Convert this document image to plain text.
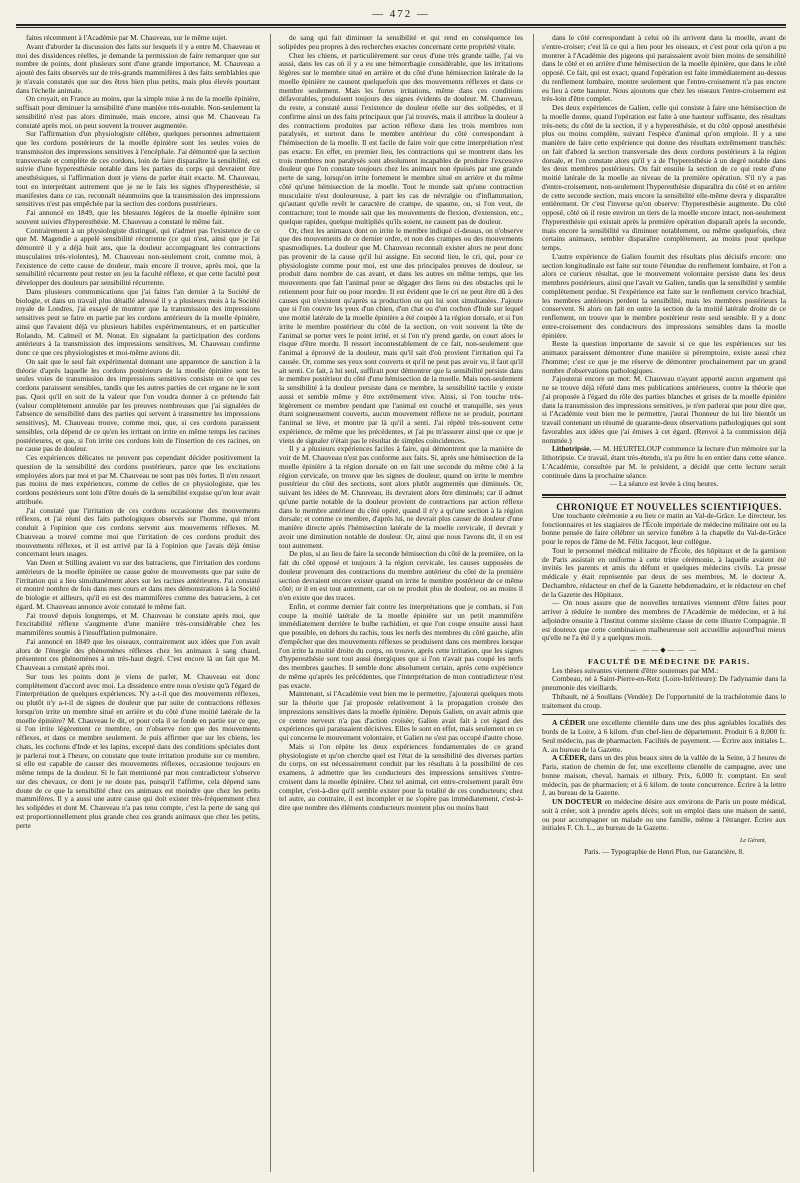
— 472 —

faites récemment à l'Académie par M. Chauveau, sur le même sujet.

Avant d'aborder la discussion des faits sur lesquels il y a entre M. Chauveau et moi des dissidences réelles, je demande la permission de faire remarquer que sur nombre de points, dont plusieurs sont d'une grande importance, M. Chauveau a ajouté des faits observés sur de très-grands mammifères à des faits semblables que je n'avais constatés que sur des êtres bien plus petits, mais plus élevés pourtant dans l'échelle animale.

On croyait, en France au moins, que la simple mise à nu de la moelle épinière, suffisait pour diminuer la sensibilité d'une manière très-notable. Non-seulement la sensibilité n'est pas alors diminuée, mais encore, ainsi que M. Chauveau l'a constaté après moi, on peut souvent la trouver augmentée.

Sur l'affirmation d'un physiologiste célèbre, quelques personnes admettaient que les cordons postérieurs de la moelle épinière sont les seules voies de transmission des impressions sensitives à l'encéphale. J'ai démontré que la section transversale et complète de ces cordons, loin de faire disparaître la sensibilité, est suivie d'une hyperesthésie notable dans les parties du corps qui devraient être anesthésiques, si l'affirmation dont je viens de parler était exacte. M. Chauveau, tout en interprétant autrement que je ne le fais les signes d'hyperesthésie, si manifestes dans ce cas, reconnaît néanmoins que la transmission des impressions sensitives n'est pas empêchée par la section des cordons postérieurs.

J'ai annoncé en 1849, que les blessures légères de la moelle épinière sont souvent suivies d'hyperesthésie. M. Chauveau a constaté le même fait.

Contrairement à un physiologiste distingué, qui n'admet pas l'existence de ce que M. Magendie a appelé sensibilité récurrente (ce qui n'est, ainsi que je l'ai démontré il y a déjà huit ans, que la douleur accompagnant les contractions musculaires très-violentes), M. Chauveau non-seulement croit, comme moi, à l'existence de cette cause de douleur, mais encore il trouve, après moi, que la sensibilité récurrente peut rester en jeu la faculté réflexe, et que cette faculté peut développer des douleurs par sensibilité récurrente.

Dans plusieurs communications que j'ai faites l'an dernier à la Société de biologie, et dans un travail plus détaillé adressé il y a plusieurs mois à la Société royale de Londres, j'ai essayé de montrer que la transmission des impressions sensitives peut se faire en partie par les cordons antérieurs de la moelle épinière, ainsi que l'avaient déjà vu plusieurs habiles expérimentateurs, et en particulier Rolando, M. Calmeil et M. Nonat. En signalant la participation des cordons antérieurs à la transmission des impressions sensitives, M. Chauveau confirme donc ce que ces physiologistes et moi-même avions dit.

On sait que le seul fait expérimental donnant une apparence de sanction à la théorie d'après laquelle les cordons postérieurs de la moelle épinière sont les seules voies de transmission des impressions sensitives consiste en ce que ces cordons paraissent sensibles, tandis que les autres parties de cet organe ne le sont pas. Quoi qu'il en soit de la valeur que l'on voudra donner à ce prétendu fait (valeur complètement annulée par les preuves nombreuses que j'ai signalées de l'absence de sensibilité dans des parties qui servent à transmettre les impressions sensitives), M. Chauveau trouve, comme moi, que, si ces cordons paraissent sensibles, cela dépend de ce qu'en les irritant on irrite en même temps les racines postérieures, et que, si l'on irrite ces cordons loin de l'insertion de ces racines, on ne cause pas de douleur.

Ces expériences délicates ne peuvent pas cependant décider positivement la question de la sensibilité des cordons postérieurs, parce que les excitations employées alors par moi et par M. Chauveau ne sont pas très fortes. Il n'en ressort pas moins de mes expériences, comme de celles de ce physiologiste, que les cordons postérieurs sont loin d'être doués de la sensibilité exquise qu'on leur avait attribuée.

J'ai constaté que l'irritation de ces cordons occasionne des mouvements réflexes, et j'ai réuni des faits pathologiques observés sur l'homme, qui m'ont conduit à l'opinion que ces cordons servent aux mouvements réflexes. M. Chauveau a trouvé comme moi que l'irritation de ces cordons produit des mouvements réflexes, et il est arrivé par là à l'opinion que j'avais déjà émise concernant leurs usages.

Van Deen et Stilling avaient vu sur des batraciens, que l'irritation des cordons antérieurs de la moelle épinière ne cause guère de mouvements que par suite de l'irritation qui a lieu simultanément alors sur les racines antérieures. J'ai constaté et montré nombre de fois dans mes cours et dans mes démonstrations à la Société de biologie et ailleurs, qu'il en est des mammifères comme des batraciens, à cet égard. M. Chauveau annonce avoir constaté le même fait.

J'ai trouvé depuis longtemps, et M. Chauveau le constate après moi, que l'excitabilité réflexe s'augmente d'une manière très-considérable chez les mammifères soumis à l'insufflation pulmonaire.

J'ai annoncé en 1849 que les oiseaux, contrairement aux idées que l'on avait alors de l'énergie des phénomènes réflexes chez les animaux à sang chaud, présentent ces phénomènes à un très-haut degré. C'est encore là un fait que M. Chauveau a constaté après moi.

Sur tous les points dont je viens de parler, M. Chauveau est donc complètement d'accord avec moi. La dissidence entre nous n'existe qu'à l'égard de l'interprétation de quelques expériences. N'y a-t-il que des mouvements réflexes, ou plutôt n'y a-t-il de signes de douleur que par suite de contractions réflexes lorsqu'on irrite un membre situé en arrière et du côté d'une moitié latérale de la moelle épinière? M. Chauveau le dit, et pour cela il se fonde en partie sur ce que, si l'on irrite légèrement ce membre, on n'observe rien que des mouvements réflexes, et dans ce membre seulement. Je puis affirmer que sur les chiens, les chats, les cochons d'Inde et les lapins, excepté dans des conditions spéciales dont je parlerai tout à l'heure, on constate que toute irritation produite sur ce membre, si elle est capable de causer des mouvements réflexes, occasionne toujours en même temps de la douleur. Si le fait mentionné par mon contradicteur s'observe sur des chevaux, ce dont je ne doute pas, puisqu'il l'affirme, cela dépend sans doute de ce que la sensibilité chez ces animaux est moindre que chez les petits mammifères. Il y a aussi une autre cause qui doit exister très-fréquemment chez les solipèdes et dont M. Chauveau n'a pas tenu compte, c'est la perte de sang qui est proportionnellement plus grande chez ces grands animaux que chez les petits, perte

de sang qui fait diminuer la sensibilité et qui rend en conséquence les solipèdes peu propres à des recherches exactes concernant cette propriété vitale.

Chez les chiens, et particulièrement sur ceux d'une très grande taille, j'ai vu aussi, dans les cas où il y a eu une hémorrhagie considérable, que les irritations légères sur le membre situé en arrière et du côté d'une hémisection latérale de la moelle épinière ne causent quelquefois que des mouvements réflexes et dans ce membre seulement. Mais les fortes irritations, même dans ces conditions défavorables, produisent toujours des signes évidents de douleur. M. Chauveau, du reste, a constaté aussi l'existence de douleur réelle sur des solipèdes, et il confirme ainsi un des faits principaux que j'ai trouvés, mais il attribue la douleur à des contractions produites par action réflexe dans les trois membres non paralysés, et surtout dans le membre antérieur du côté correspondant à l'hémisection de la moelle. Il est facile de faire voir que cette interprétation n'est pas exacte. En effet, en premier lieu, les contractions qui se montrent dans les trois membres non paralysés sont absolument incapables de produire l'excessive douleur que l'on constate toujours chez les animaux non épuisés par une grande perte de sang, lorsqu'on irrite fortement le membre situé en arrière et du même côté qu'une hémisection de la moelle. Tout le monde sait qu'une contraction musculaire n'est douloureuse, à part les cas de névralgie ou d'inflammation, qu'autant qu'elle revêt le caractère de crampe, de spasme, ou, si l'on veut, de contracture; tout le monde sait que les mouvements de flexion, d'extension, etc., quelque rapides, quelque multipliés qu'ils soient, ne causent pas de douleur.

Or, chez les animaux dont on irrite le membre indiqué ci-dessus, on n'observe que des mouvements de ce dernier ordre, et non des crampes ou des mouvements spasmodiques. La douleur que M. Chauveau reconnaît exister alors ne peut donc pas provenir de la cause qu'il lui assigne. En second lieu, le cri, qui, pour ce physiologiste comme pour moi, est une des principales preuves de douleur, se produit dans nombre de cas avant, et dans les autres en même temps, que les mouvements que fait l'animal pour se dégager des liens ou des obstacles qui le retiennent pour fuir ou pour mordre. Il est évident que le cri ne peut être dû à des causes qui n'existent qu'après sa production ou qui lui sont simultanées. J'ajoute que si l'on couvre les yeux d'un chien, d'un chat ou d'un cochon d'Inde sur lequel une moitié latérale de la moelle épinière a été coupée à la région dorsale, et si l'on irrite le membre postérieur du côté de la section, on voit souvent la tête de l'animal se porter vers le point irrité, et si l'on n'y prend garde, on court alors le risque d'être mordu. Il ressort incontestablement de ce fait, non-seulement que l'animal a éprouvé de la douleur, mais qu'il sait d'où provient l'irritation qui l'a causée. Or, comme ses yeux sont couverts et qu'il ne peut pas avoir vu, il faut qu'il ait senti. Ce fait, à lui seul, suffirait pour démontrer que la sensibilité persiste dans le membre postérieur du côté d'une hémisection de la moelle. Mais non-seulement la sensibilité à la douleur persiste dans ce membre, la sensibilité tactile y existe aussi et semble même y être extrêmement vive. Ainsi, si l'on touche très-légèrement ce membre pendant que l'animal est couché et tranquille, ses yeux étant soigneusement couverts, aucun mouvement réflexe ne se produit, pourtant l'animal se lève, et montre par là qu'il a senti. J'ai répété très-souvent cette expérience, de même que les précédentes, et j'ai pu m'assurer ainsi que ce que je viens de signaler n'était pas le résultat de simples coïncidences.

Il y a plusieurs expériences faciles à faire, qui démontrent que la manière de voir de M. Chauveau n'est pas conforme aux faits. Si, après une hémisection de la moelle épinière à la région dorsale on en fait une seconde du même côté à la région cervicale, on trouve que les signes de douleur, quand on irrite le membre postérieur du côté des sections, sont alors plutôt augmentés que diminués. Or, suivant les idées de M. Chauveau, ils devraient alors être diminués; car il admet qu'une partie notable de la douleur provient de contractions par action réflexe dans le membre antérieur du côté opéré, quand il n'y a qu'une section à la région dorsale; et comme ce membre, d'après lui, ne devrait plus causer de douleur d'une manière directe après l'hémisection latérale de la moelle cervicale, il devrait y avoir une diminution notable de douleur. Or, ainsi que nous l'avons dit, il en est tout autrement.

De plus, si au lieu de faire la seconde hémisection du côté de la première, on la fait du côté opposé et toujours à la région cervicale, les causes supposées de douleur provenant des contractions du membre antérieur du côté de la première section devraient encore exister quand on irrite le membre postérieur de ce même côté; or il en est tout autrement, car on ne produit plus de douleur, ou au moins il n'en existe que des traces.

Enfin, et comme dernier fait contre les interprétations que je combats, si l'on coupe la moitié latérale de la moelle épinière sur un petit mammifère immédiatement derrière le bulbe rachidien, et que l'on coupe ensuite aussi haut que possible, en dehors du rachis, tous les nerfs des membres du côté gauche, afin d'empêcher que des mouvements réflexes se produisent dans ces membres lorsque l'on irrite la moitié droite du corps, on trouve, après cette irritation, que les signes d'hyperesthésie sont tout aussi énergiques que si l'on n'avait pas coupé les nerfs des membres gauches. Il semble donc absolument certain, après cette expérience de même qu'après les précédentes, que l'interprétation de mon contradicteur n'est pas exacte.

Maintenant, si l'Académie veut bien me le permettre, j'ajouterai quelques mots sur la théorie que j'ai proposée relativement à la propagation croisée des impressions sensitives dans la moelle épinière. Depuis Galien, on avait admis que ce centre nerveux n'a pas d'action croisée; Galien avait fait à cet égard des expériences qui paraissaient décisives. Elles le sont en effet, mais seulement en ce qui concerne le mouvement volontaire, et Galien ne s'est pas occupé d'autre chose.

Mais si l'on répète les deux expériences fondamentales de ce grand physiologiste et qu'on cherche quel est l'état de la sensibilité des diverses parties du corps, on est nécessairement conduit par les résultats à la possibilité de ces examens, à admettre que les conducteurs des impressions sensitives s'entre-croisent dans la moelle épinière. Chez tel animal, cet entre-croisement paraît être complet, c'est-à-dire qu'il semble exister pour la totalité de ces conducteurs; chez tel autre, au contraire, il est incomplet et ne s'opère pas immédiatement, c'est-à-dire que nombre des éléments conducteurs montent plus ou moins haut

dans le côté correspondant à celui où ils arrivent dans la moelle, avant de s'entre-croiser; c'est là ce qui a lieu pour les oiseaux, et c'est pour cela qu'on a pu montrer à l'Académie des pigeons qui paraissaient avoir bien moins de sensibilité dans le côté et en arrière d'une hémisection de la moelle épinière, que dans le côté opposé. Ce fait, qui est exact, quand l'opération est faite immédiatement au-dessus du renflement lombaire, montre seulement que l'entre-croisement n'a pas encore eu lieu à cette hauteur. Nous ajoutons que chez les oiseaux l'entre-croisement est très-loin d'être complet.

Des deux expériences de Galien, celle qui consiste à faire une hémisection de la moelle donne, quand l'opération est faite à une hauteur suffisante, des résultats très-nets; du côté de la section, il y a hyperesthésie, et du côté opposé anesthésie plus ou moins complète, suivant l'espèce d'animal qu'on emploie. Il y a une manière de faire cette expérience qui donne des résultats extrêmement tranchés: on fait d'abord la section transversale des deux cordons postérieurs à la région dorsale, et l'on constate alors qu'il y a de l'hyperesthésie à un degré notable dans les deux membres postérieurs. On fait ensuite la section de ce qui reste d'une moitié latérale de la moelle au niveau de la première opération. S'il n'y a pas d'entre-croisement, non-seulement l'hyperesthésie disparaîtra du côté et en arrière de cette seconde section, mais encore la sensibilité elle-même devra y disparaître entièrement. Or c'est l'inverse qu'on observe: l'hyperesthésie augmente. Du côté opposé, côté où il reste environ un tiers de la moelle encore intact, non-seulement l'hyperesthésie qui existait après la première opération disparaît après la seconde, mais encore la sensibilité va diminuer notablement, ou même quelquefois, chez certains animaux, sembler disparaître complètement, au moins pour quelque temps.

L'autre expérience de Galien fournit des résultats plus décisifs encore: une section longitudinale est faite sur toute l'étendue du renflement lombaire, et l'on a alors ce curieux résultat, que le mouvement volontaire persiste dans les deux membres postérieurs, ainsi que l'avait vu Galien, tandis que la sensibilité y semble complètement perdue. Si l'expérience est faite sur le renflement cervico brachial, les membres antérieurs perdent la sensibilité, mais les membres postérieurs la conservent. Si alors on fait en outre la section de la moitié latérale droite de ce renflement, on trouve que le membre postérieur reste seul sensible. Il y a donc entre-croisement des conducteurs des impressions sensibles dans la moelle épinière.

Reste la question importante de savoir si ce que les expériences sur les animaux paraissent démontrer d'une manière si péremptoire, existe aussi chez l'homme; c'est ce que je me réserve de démontrer prochainement par un grand nombre d'observations pathologiques.

J'ajouterai encore un mot: M. Chauveau n'ayant apporté aucun argument qui ne se trouve déjà réfuté dans mes publications antérieures, contre la théorie que j'ai proposée à l'égard du rôle des parties blanches et grises de la moelle épinière dans la transmission des impressions sensitives, je n'en parlerai que pour dire que, si l'Académie veut bien me le permettre, j'aurai l'honneur de lui lire bientôt un travail contenant un résumé de quarante-deux observations pathologiques qui sont favorables aux idées que j'ai émises à cet égard. (Renvoi à la commission déjà nommée.)

Lithotripsie. — M. HEURTELOUP commence la lecture d'un mémoire sur la lithotripsie. Ce travail, étant très-étendu, n'a pu être lu en entier dans cette séance. L'Académie, consultée par M. le président, a décidé que cette lecture serait continuée dans la prochaine séance.

— La séance est levée à cinq heures.

CHRONIQUE ET NOUVELLES SCIENTIFIQUES.

Une touchante cérémonie a eu lieu ce matin au Val-de-Grâce. Le directeur, les fonctionnaires et les stagiaires de l'École impériale de médecine militaire ont eu la bonne pensée de faire célébrer un service funèbre à la chapelle du Val-de-Grâce pour le repos de l'âme de M. Félix Jacquot, leur collègue.

Tout le personnel médical militaire de l'École, des hôpitaux et de la garnison de Paris assistait en uniforme à cette triste cérémonie, à laquelle avaient été invités les parents et amis du défunt et quelques médecins civils. La presse médicale y était représentée par deux de ses membres, M. le docteur A. Dechambre, rédacteur en chef de la Gazette hebdomadaire, et le rédacteur en chef de la Gazette des Hôpitaux.

— On nous assure que de nouvelles tentatives viennent d'être faites pour arriver à réduire le nombre des membres de l'Académie de médecine, et à lui adjoindre ensuite à l'Institut comme sixième classe de cette illustre Compagnie. Il est douteux que cette combinaison malheureuse soit accueillie aujourd'hui mieux qu'elle ne l'a été il y a quelques mois.

— ——◆—— —

FACULTÉ DE MÉDECINE DE PARIS.

Les thèses suivantes viennent d'être soutenues par MM.:

Combeau, né à Saint-Pierre-en-Retz (Loire-Inférieure): De l'adynamie dans la pneumonie des vieillards.

Thibault, né à Soullans (Vendée): De l'opportunité de la trachéotomie dans le traitement du croup.

A CÉDER une excellente clientèle dans une des plus agréables localités des bords de la Loire, à 6 kilom. d'un chef-lieu de département. Produit 6 à 8,000 fr. Seul médecin, pas de pharmacien. Facilités de payement. — Écrire aux initiales L. A. au bureau de la Gazette.

A CÉDER, dans un des plus beaux sites de la vallée de la Seine, à 2 heures de Paris, station de chemin de fer, une excellente clientèle de campagne, avec une bonne maison, cheval, harnais et tilbury. Prix, 6,000 fr. comptant. En seul médecin, pas de pharmacien; et à 6 kilom. de toute concurrence. Écrire à la lettre J, au bureau de la Gazette.

UN DOCTEUR en médecine désire aux environs de Paris un poste médical, soit à créer, soit à prendre après décès; soit un emploi dans une maison de santé, ou pour accompagner un malade ou une famille, même à l'étranger. Écrire aux initiales F. Ch. L., au bureau de la Gazette.

Le Gérant,
Paris. — Typographie de Henri Plon, rue Garancière, 8.
